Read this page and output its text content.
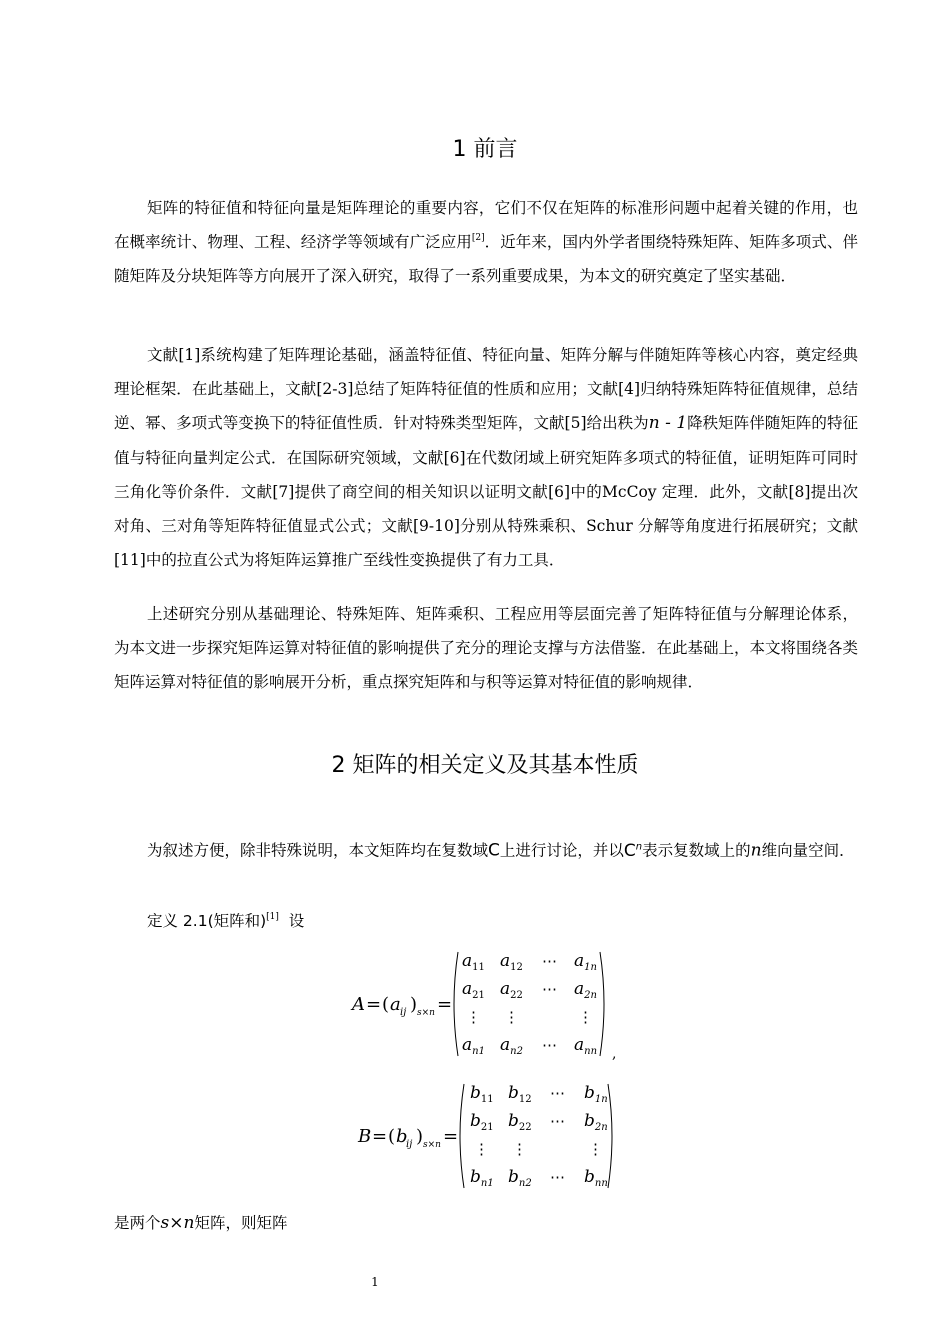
1 前言

矩阵的特征值和特征向量是矩阵理论的重要内容，它们不仅在矩阵的标准形问题中起着关键的作用，也在概率统计、物理、工程、经济学等领域有广泛应用[2]．近年来，国内外学者围绕特殊矩阵、矩阵多项式、伴随矩阵及分块矩阵等方向展开了深入研究，取得了一系列重要成果，为本文的研究奠定了坚实基础．

文献[1]系统构建了矩阵理论基础，涵盖特征值、特征向量、矩阵分解与伴随矩阵等核心内容，奠定经典理论框架．在此基础上，文献[2-3]总结了矩阵特征值的性质和应用；文献[4]归纳特殊矩阵特征值规律，总结逆、幂、多项式等变换下的特征值性质．针对特殊类型矩阵，文献[5]给出秩为n - 1降秩矩阵伴随矩阵的特征值与特征向量判定公式．在国际研究领域，文献[6]在代数闭域上研究矩阵多项式的特征值，证明矩阵可同时三角化等价条件．文献[7]提供了商空间的相关知识以证明文献[6]中的McCoy 定理．此外，文献[8]提出次对角、三对角等矩阵特征值显式公式；文献[9-10]分别从特殊乘积、Schur 分解等角度进行拓展研究；文献[11]中的拉直公式为将矩阵运算推广至线性变换提供了有力工具．

上述研究分别从基础理论、特殊矩阵、矩阵乘积、工程应用等层面完善了矩阵特征值与分解理论体系，为本文进一步探究矩阵运算对特征值的影响提供了充分的理论支撑与方法借鉴．在此基础上，本文将围绕各类矩阵运算对特征值的影响展开分析，重点探究矩阵和与积等运算对特征值的影响规律．

2 矩阵的相关定义及其基本性质

为叙述方便，除非特殊说明，本文矩阵均在复数域C上进行讨论，并以$C^n$表示复数域上的n维向量空间．

定义 2.1(矩阵和)[1] 设
A = ( a ij ) s×n =
$a_{11}$ $a_{12}$ ⋯ $a_{1n}$
$a_{21}$ $a_{22}$ ⋯ $a_{2n}$
⋮ ⋮	⋮
$a_{n1}$ $a_{n2}$ ⋯ $a_{nn}$ ,
B = ( b
ij ) s×n =
$b_{11}$ $b_{12}$ ⋯ $b_{1n}$
$b_{21}$ $b_{22}$ ⋯ $b_{2n}$
⋮ ⋮	⋮
$b_{n1}$ $b_{n2}$ ⋯ $b_{nn}$
是两个s×n矩阵，则矩阵
1
